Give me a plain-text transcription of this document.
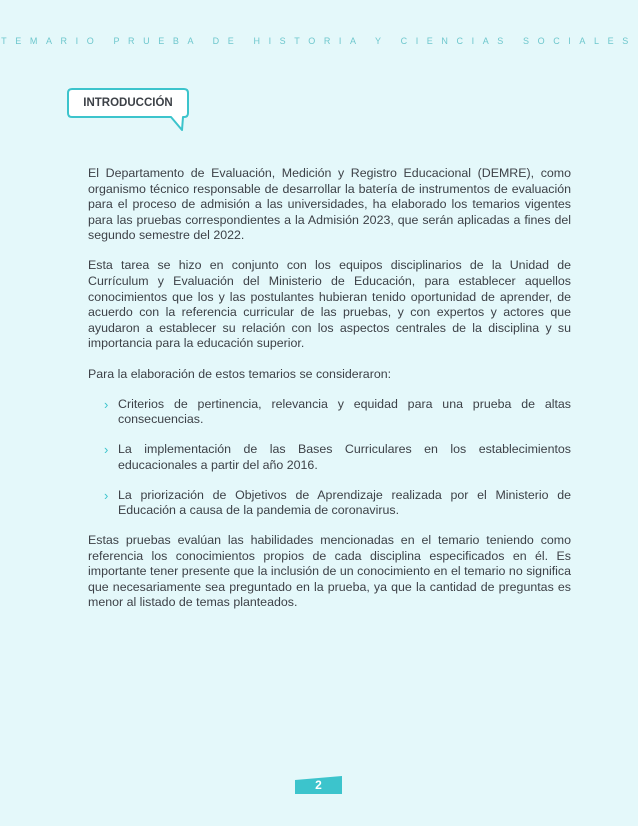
TEMARIO PRUEBA DE HISTORIA Y CIENCIAS SOCIALES
INTRODUCCIÓN

El Departamento de Evaluación, Medición y Registro Educacional (DEMRE), como organismo técnico responsable de desarrollar la batería de instrumentos de evaluación para el proceso de admisión a las universidades, ha elaborado los temarios vigentes para las pruebas correspondientes a la Admisión 2023, que serán aplicadas a fines del segundo semestre del 2022.

Esta tarea se hizo en conjunto con los equipos disciplinarios de la Unidad de Currículum y Evaluación del Ministerio de Educación, para establecer aquellos conocimientos que los y las postulantes hubieran tenido oportunidad de aprender, de acuerdo con la referencia curricular de las pruebas, y con expertos y actores que ayudaron a establecer su relación con los aspectos centrales de la disciplina y su importancia para la educación superior.

Para la elaboración de estos temarios se consideraron:

› Criterios de pertinencia, relevancia y equidad para una prueba de altas consecuencias.
› La implementación de las Bases Curriculares en los establecimientos educacionales a partir del año 2016.
› La priorización de Objetivos de Aprendizaje realizada por el Ministerio de Educación a causa de la pandemia de coronavirus.

Estas pruebas evalúan las habilidades mencionadas en el temario teniendo como referencia los conocimientos propios de cada disciplina especificados en él. Es importante tener presente que la inclusión de un conocimiento en el temario no significa que necesariamente sea preguntado en la prueba, ya que la cantidad de preguntas es menor al listado de temas planteados.

2
